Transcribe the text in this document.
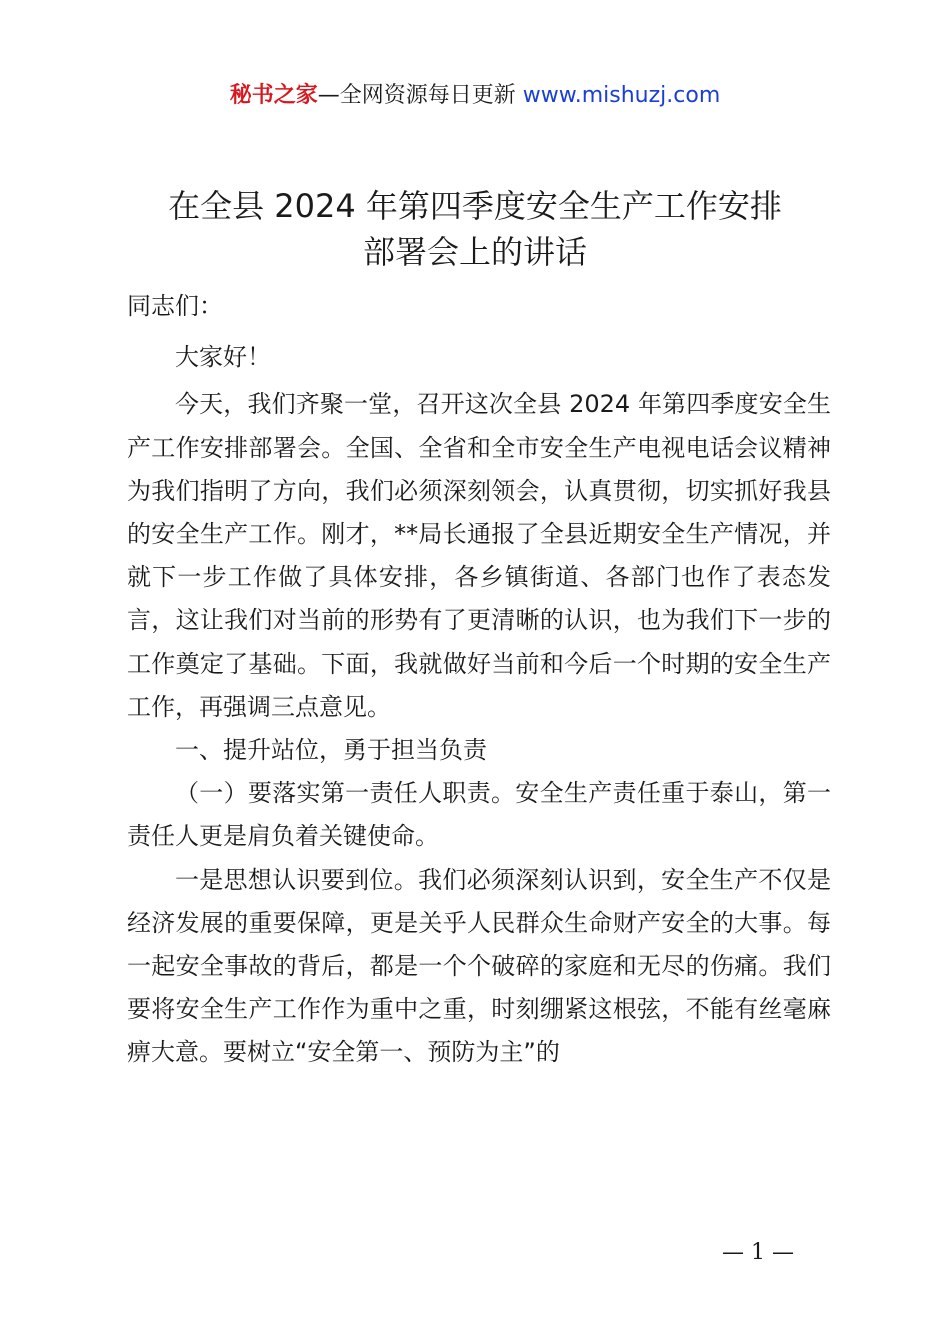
秘书之家—全网资源每日更新 www.mishuzj.com
在全县 2024 年第四季度安全生产工作安排
部署会上的讲话

同志们：

大家好！

今天，我们齐聚一堂，召开这次全县 2024 年第四季度安全生产工作安排部署会。全国、全省和全市安全生产电视电话会议精神为我们指明了方向，我们必须深刻领会，认真贯彻，切实抓好我县的安全生产工作。刚才，**局长通报了全县近期安全生产情况，并就下一步工作做了具体安排，各乡镇街道、各部门也作了表态发言，这让我们对当前的形势有了更清晰的认识，也为我们下一步的工作奠定了基础。下面，我就做好当前和今后一个时期的安全生产工作，再强调三点意见。

一、提升站位，勇于担当负责

（一）要落实第一责任人职责。安全生产责任重于泰山，第一责任人更是肩负着关键使命。

一是思想认识要到位。我们必须深刻认识到，安全生产不仅是经济发展的重要保障，更是关乎人民群众生命财产安全的大事。每一起安全事故的背后，都是一个个破碎的家庭和无尽的伤痛。我们要将安全生产工作作为重中之重，时刻绷紧这根弦，不能有丝毫麻痹大意。要树立“安全第一、预防为主”的

— 1 —
